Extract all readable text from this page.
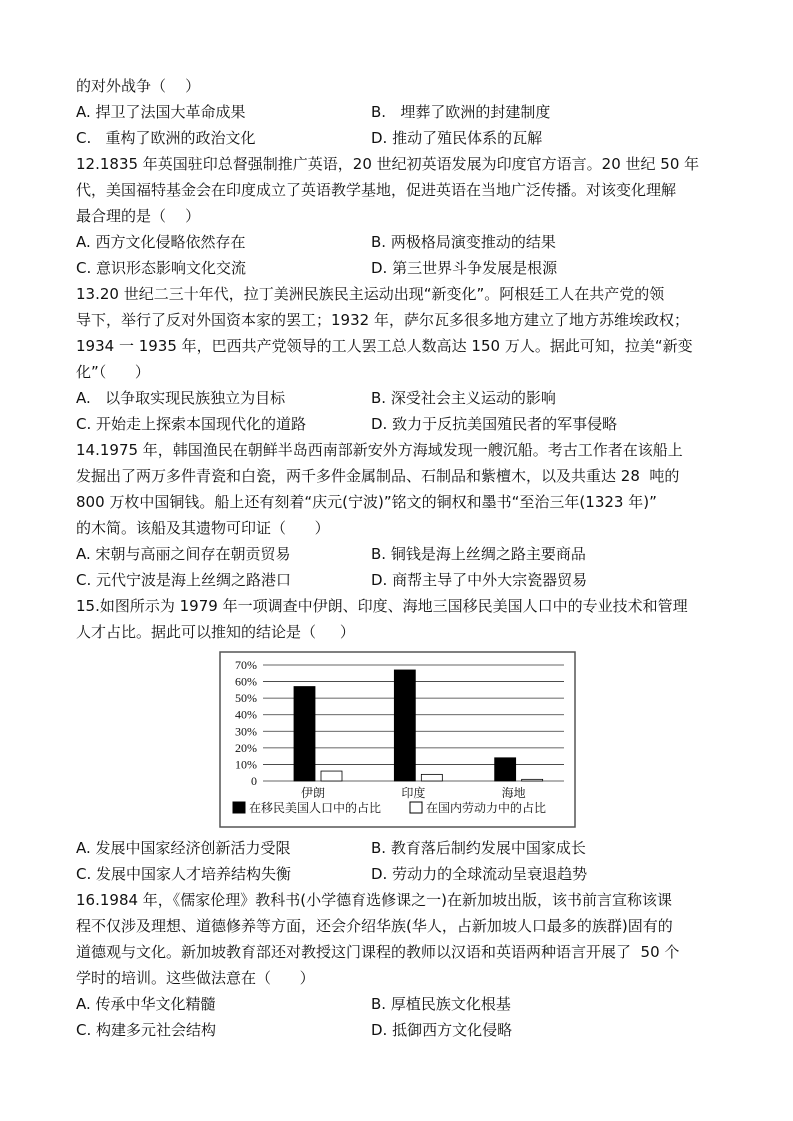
的对外战争（    ）
A. 捍卫了法国大革命成果	B.   埋葬了欧洲的封建制度
C.   重构了欧洲的政治文化	D. 推动了殖民体系的瓦解
12.1835 年英国驻印总督强制推广英语，20 世纪初英语发展为印度官方语言。20 世纪 50 年
代，美国福特基金会在印度成立了英语教学基地，促进英语在当地广泛传播。对该变化理解
最合理的是（    ）
A. 西方文化侵略依然存在	B. 两极格局演变推动的结果
C. 意识形态影响文化交流	D. 第三世界斗争发展是根源
13.20 世纪二三十年代，拉丁美洲民族民主运动出现“新变化”。阿根廷工人在共产党的领
导下，举行了反对外国资本家的罢工；1932 年，萨尔瓦多很多地方建立了地方苏维埃政权；
1934 一 1935 年，巴西共产党领导的工人罢工总人数高达 150 万人。据此可知，拉美“新变
化”（      ）
A.   以争取实现民族独立为目标	B. 深受社会主义运动的影响
C. 开始走上探索本国现代化的道路	D. 致力于反抗美国殖民者的军事侵略
14.1975 年，韩国渔民在朝鲜半岛西南部新安外方海域发现一艘沉船。考古工作者在该船上
发掘出了两万多件青瓷和白瓷，两千多件金属制品、石制品和紫檀木，以及共重达 28  吨的
800 万枚中国铜钱。船上还有刻着“庆元(宁波)”铭文的铜权和墨书“至治三年(1323 年)”
的木简。该船及其遗物可印证（      ）
A. 宋朝与高丽之间存在朝贡贸易	B. 铜钱是海上丝绸之路主要商品
C. 元代宁波是海上丝绸之路港口	D. 商帮主导了中外大宗瓷器贸易
15.如图所示为 1979 年一项调查中伊朗、印度、海地三国移民美国人口中的专业技术和管理
人才占比。据此可以推知的结论是（     ）
70%
60%
50%
40%
30%
20%
10%
0
伊朗	印度	海地
在移民美国人口中的占比	在国内劳动力中的占比
A. 发展中国家经济创新活力受限	B. 教育落后制约发展中国家成长
C. 发展中国家人才培养结构失衡	D. 劳动力的全球流动呈衰退趋势
16.1984 年，《儒家伦理》教科书(小学德育选修课之一)在新加坡出版，该书前言宣称该课
程不仅涉及理想、道德修养等方面，还会介绍华族(华人，占新加坡人口最多的族群)固有的
道德观与文化。新加坡教育部还对教授这门课程的教师以汉语和英语两种语言开展了  50 个
学时的培训。这些做法意在（      ）
A. 传承中华文化精髓	B. 厚植民族文化根基
C. 构建多元社会结构	D. 抵御西方文化侵略
